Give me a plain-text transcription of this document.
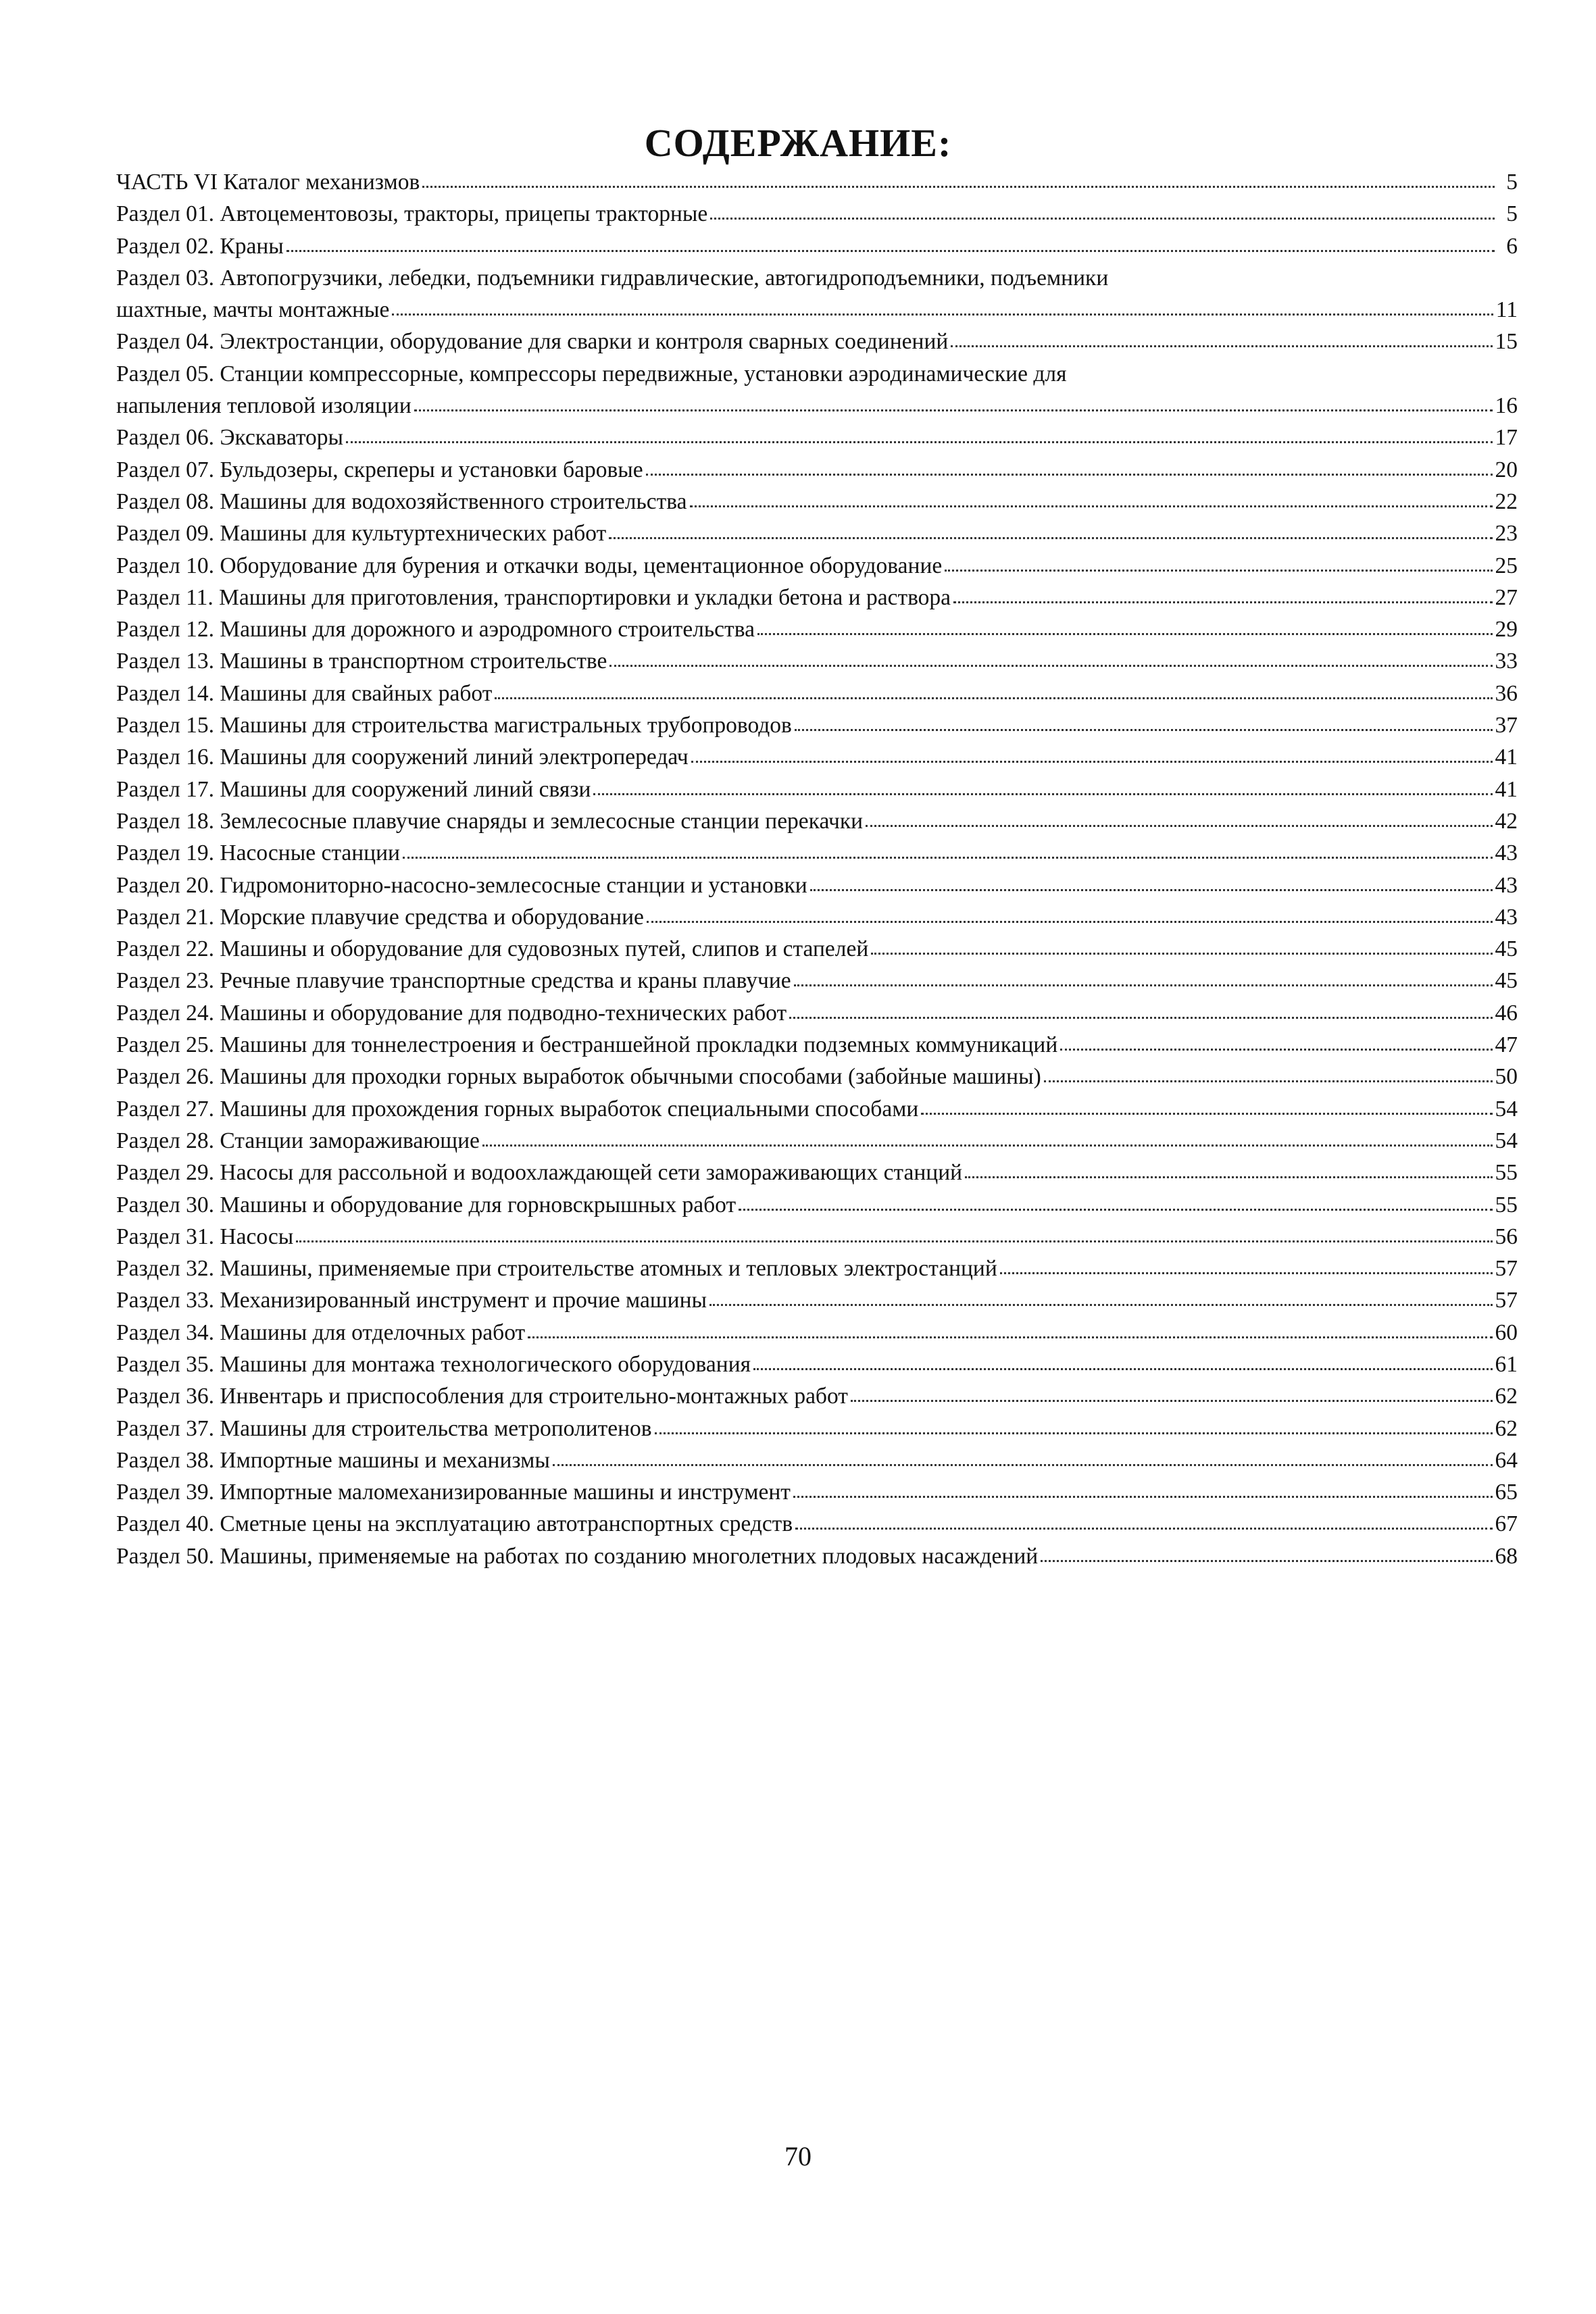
СОДЕРЖАНИЕ:
ЧАСТЬ VI Каталог механизмов	5
Раздел 01. Автоцементовозы, тракторы, прицепы тракторные	5
Раздел 02. Краны	6
Раздел 03. Автопогрузчики, лебедки, подъемники гидравлические, автогидроподъемники, подъемники
шахтные, мачты монтажные	11
Раздел 04. Электростанции, оборудование для сварки и контроля сварных соединений	15
Раздел 05. Станции компрессорные, компрессоры передвижные, установки аэродинамические для
напыления тепловой изоляции	16
Раздел 06. Экскаваторы	17
Раздел 07. Бульдозеры, скреперы и установки баровые	20
Раздел 08. Машины для водохозяйственного строительства	22
Раздел 09. Машины для культуртехнических работ	23
Раздел 10. Оборудование для бурения и откачки воды, цементационное оборудование	25
Раздел 11. Машины для приготовления, транспортировки и укладки бетона и раствора	27
Раздел 12. Машины для дорожного и аэродромного строительства	29
Раздел 13. Машины в транспортном строительстве	33
Раздел 14. Машины для свайных работ	36
Раздел 15. Машины для строительства магистральных трубопроводов	37
Раздел 16. Машины для сооружений линий электропередач	41
Раздел 17. Машины для сооружений линий связи	41
Раздел 18. Землесосные плавучие снаряды и землесосные станции перекачки	42
Раздел 19. Насосные станции	43
Раздел 20. Гидромониторно-насосно-землесосные станции и установки	43
Раздел 21. Морские плавучие средства и оборудование	43
Раздел 22. Машины и оборудование для судовозных путей, слипов и стапелей	45
Раздел 23. Речные плавучие транспортные средства и краны плавучие	45
Раздел 24. Машины и оборудование для подводно-технических работ	46
Раздел 25. Машины для тоннелестроения и бестраншейной прокладки подземных коммуникаций	47
Раздел 26. Машины для проходки горных выработок обычными способами (забойные машины)	50
Раздел 27. Машины для прохождения горных выработок специальными способами	54
Раздел 28. Станции замораживающие	54
Раздел 29. Насосы для рассольной и водоохлаждающей сети замораживающих станций	55
Раздел 30. Машины и оборудование для горновскрышных работ	55
Раздел 31. Насосы	56
Раздел 32. Машины, применяемые при строительстве атомных и тепловых электростанций	57
Раздел 33. Механизированный инструмент и прочие машины	57
Раздел 34. Машины для отделочных работ	60
Раздел 35. Машины для монтажа технологического оборудования	61
Раздел 36. Инвентарь и приспособления для строительно-монтажных работ	62
Раздел 37. Машины для строительства метрополитенов	62
Раздел 38. Импортные машины и механизмы	64
Раздел 39. Импортные маломеханизированные машины и инструмент	65
Раздел 40. Сметные цены на эксплуатацию автотранспортных средств	67
Раздел 50. Машины, применяемые на работах по созданию многолетних плодовых насаждений	68
70
